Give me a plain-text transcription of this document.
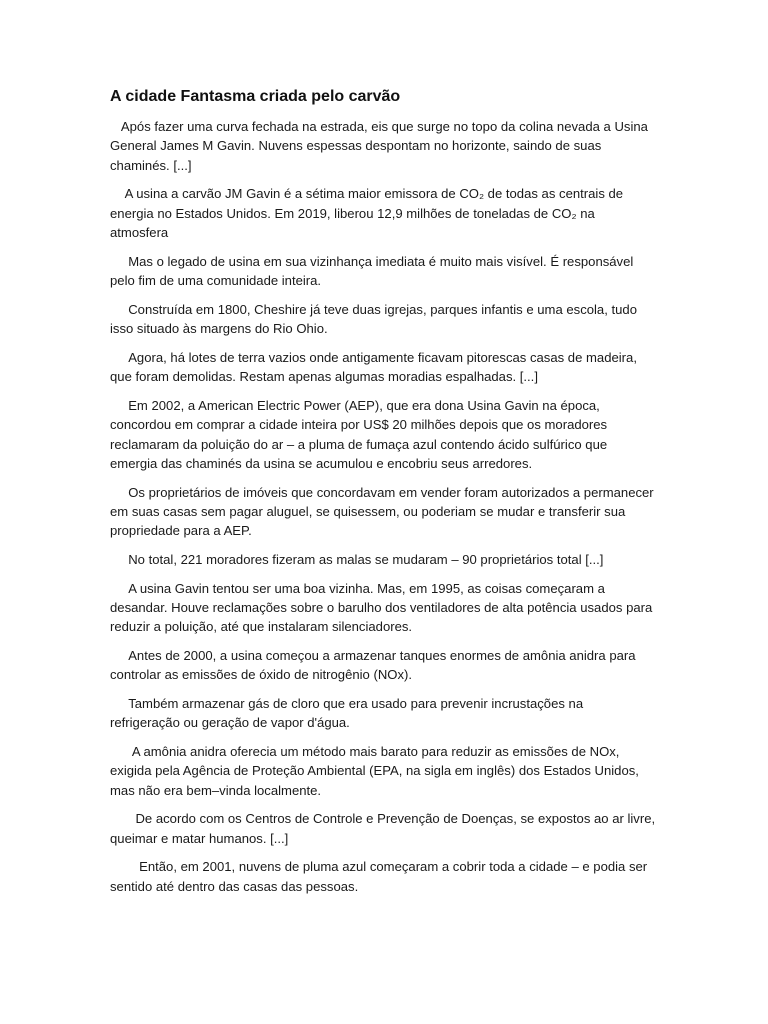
A cidade Fantasma criada pelo carvão

Após fazer uma curva fechada na estrada, eis que surge no topo da colina nevada a Usina General James M Gavin. Nuvens espessas despontam no horizonte, saindo de suas chaminés. [...]

A usina a carvão JM Gavin é a sétima maior emissora de CO₂ de todas as centrais de energia no Estados Unidos. Em 2019, liberou 12,9 milhões de toneladas de CO₂ na atmosfera

Mas o legado de usina em sua vizinhança imediata é muito mais visível. É responsável pelo fim de uma comunidade inteira.

Construída em 1800, Cheshire já teve duas igrejas, parques infantis e uma escola, tudo isso situado às margens do Rio Ohio.

Agora, há lotes de terra vazios onde antigamente ficavam pitorescas casas de madeira, que foram demolidas. Restam apenas algumas moradias espalhadas. [...]

Em 2002, a American Electric Power (AEP), que era dona Usina Gavin na época, concordou em comprar a cidade inteira por US$ 20 milhões depois que os moradores reclamaram da poluição do ar – a pluma de fumaça azul contendo ácido sulfúrico que emergia das chaminés da usina se acumulou e encobriu seus arredores.

Os proprietários de imóveis que concordavam em vender foram autorizados a permanecer em suas casas sem pagar aluguel, se quisessem, ou poderiam se mudar e transferir sua propriedade para a AEP.

No total, 221 moradores fizeram as malas se mudaram – 90 proprietários total [...]

A usina Gavin tentou ser uma boa vizinha. Mas, em 1995, as coisas começaram a desandar. Houve reclamações sobre o barulho dos ventiladores de alta potência usados para reduzir a poluição, até que instalaram silenciadores.

Antes de 2000, a usina começou a armazenar tanques enormes de amônia anidra para controlar as emissões de óxido de nitrogênio (NOx).

Também armazenar gás de cloro que era usado para prevenir incrustações na refrigeração ou geração de vapor d'água.

A amônia anidra oferecia um método mais barato para reduzir as emissões de NOx, exigida pela Agência de Proteção Ambiental (EPA, na sigla em inglês) dos Estados Unidos, mas não era bem–vinda localmente.

De acordo com os Centros de Controle e Prevenção de Doenças, se expostos ao ar livre, queimar e matar humanos. [...]

Então, em 2001, nuvens de pluma azul começaram a cobrir toda a cidade – e podia ser sentido até dentro das casas das pessoas.
